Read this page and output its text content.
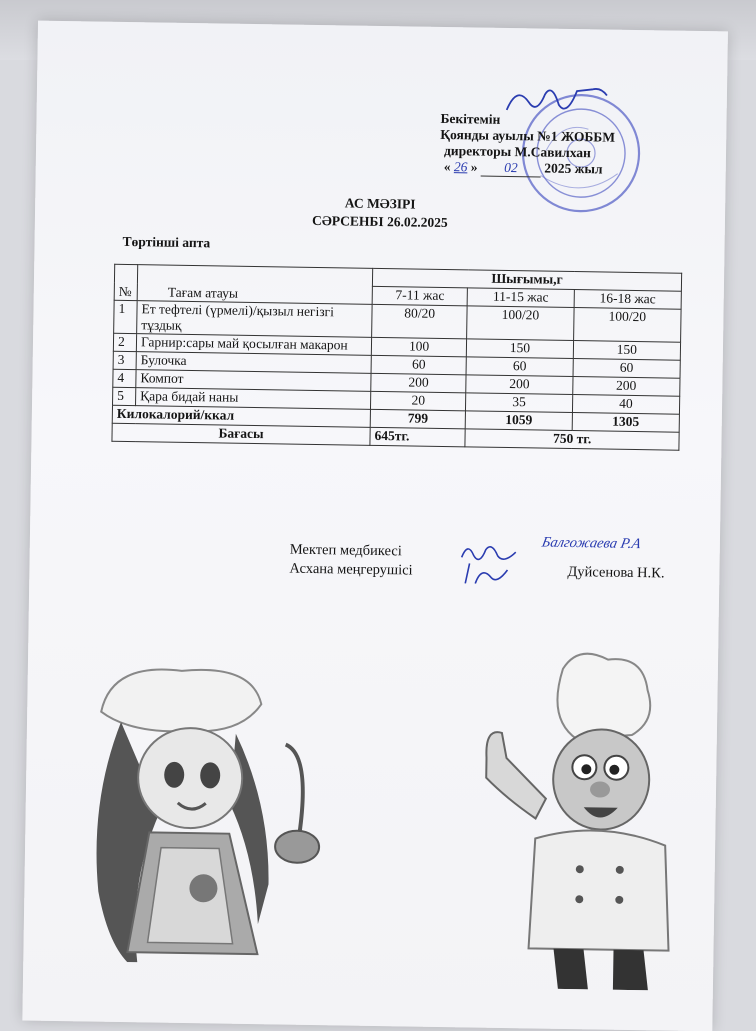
Бекітемін
Қоянды ауылы №1 ЖОББМ
директоры М.Савилхан
« 26 » 02 2025 жыл
АС МӘЗІРІ
СӘРСЕНБІ 26.02.2025
Төртінші апта
№	Тағам атауы	Шығымы,г		
		7-11 жас	11-15 жас	16-18 жас
1	Ет тефтелі (үрмелі)/қызыл негізгі тұздық	80/20	100/20	100/20
2	Гарнир:сары май қосылған макарон	100	150	150
3	Булочка	60	60	60
4	Компот	200	200	200
5	Қара бидай наны	20	35	40
Килокалорий/ккал		799	1059	1305
Бағасы		645тг.	750 тг.	
Мектеп медбикесі
Асхана меңгерушісі
Балгожаева Р.А
Дуйсенова Н.К.
